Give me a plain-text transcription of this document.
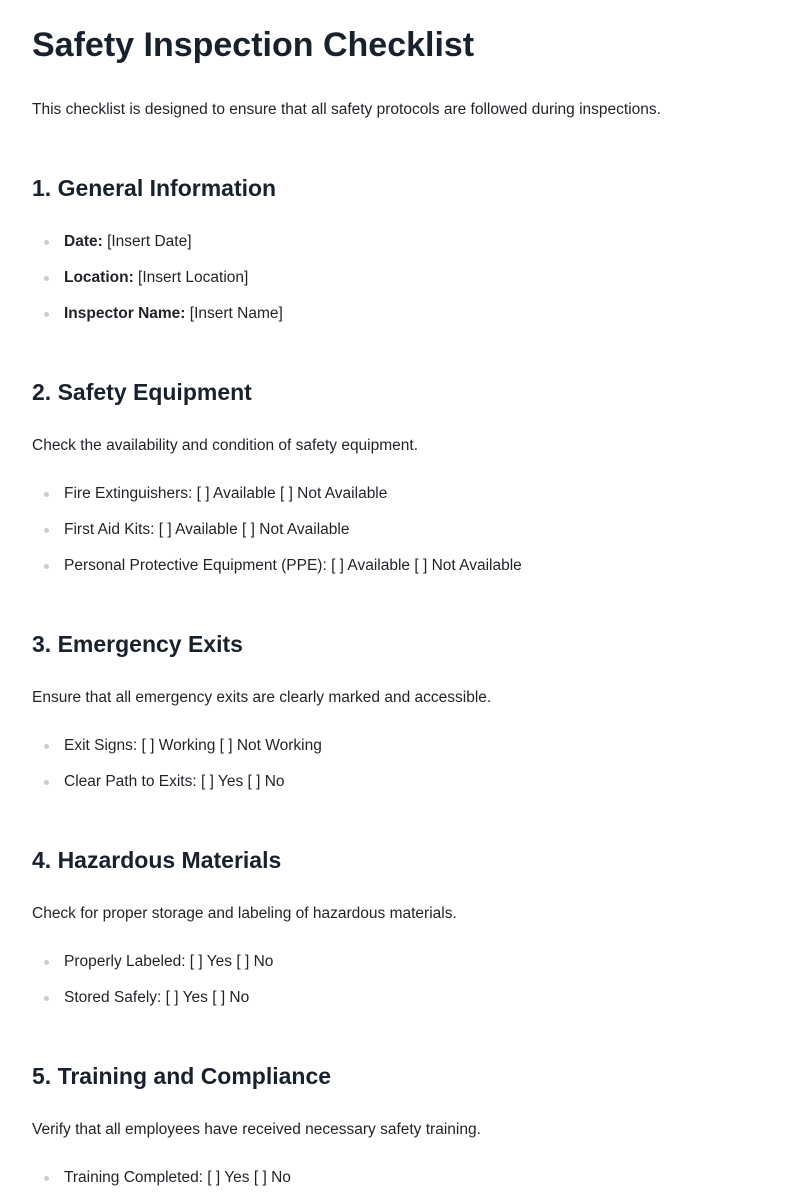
Safety Inspection Checklist

This checklist is designed to ensure that all safety protocols are followed during inspections.

1. General Information
Date: [Insert Date]
Location: [Insert Location]
Inspector Name: [Insert Name]
2. Safety Equipment

Check the availability and condition of safety equipment.

Fire Extinguishers: [ ] Available [ ] Not Available
First Aid Kits: [ ] Available [ ] Not Available
Personal Protective Equipment (PPE): [ ] Available [ ] Not Available
3. Emergency Exits

Ensure that all emergency exits are clearly marked and accessible.

Exit Signs: [ ] Working [ ] Not Working
Clear Path to Exits: [ ] Yes [ ] No
4. Hazardous Materials

Check for proper storage and labeling of hazardous materials.

Properly Labeled: [ ] Yes [ ] No
Stored Safely: [ ] Yes [ ] No
5. Training and Compliance

Verify that all employees have received necessary safety training.

Training Completed: [ ] Yes [ ] No
